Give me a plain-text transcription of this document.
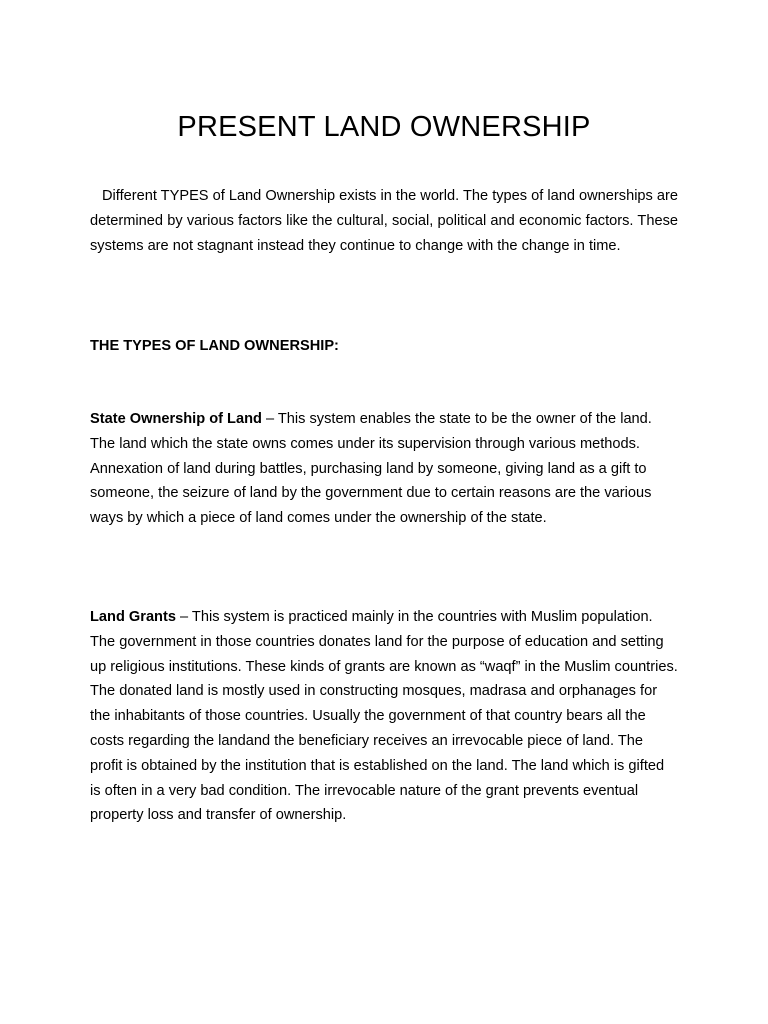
PRESENT LAND OWNERSHIP

Different TYPES of Land Ownership exists in the world. The types of land ownerships are determined by various factors like the cultural, social, political and economic factors. These systems are not stagnant instead they continue to change with the change in time.

THE TYPES OF LAND OWNERSHIP:

State Ownership of Land – This system enables the state to be the owner of the land. The land which the state owns comes under its supervision through various methods. Annexation of land during battles, purchasing land by someone, giving land as a gift to someone, the seizure of land by the government due to certain reasons are the various ways by which a piece of land comes under the ownership of the state.

Land Grants – This system is practiced mainly in the countries with Muslim population. The government in those countries donates land for the purpose of education and setting up religious institutions. These kinds of grants are known as “waqf” in the Muslim countries. The donated land is mostly used in constructing mosques, madrasa and orphanages for the inhabitants of those countries. Usually the government of that country bears all the costs regarding the landand the beneficiary receives an irrevocable piece of land. The profit is obtained by the institution that is established on the land. The land which is gifted is often in a very bad condition. The irrevocable nature of the grant prevents eventual property loss and transfer of ownership.
